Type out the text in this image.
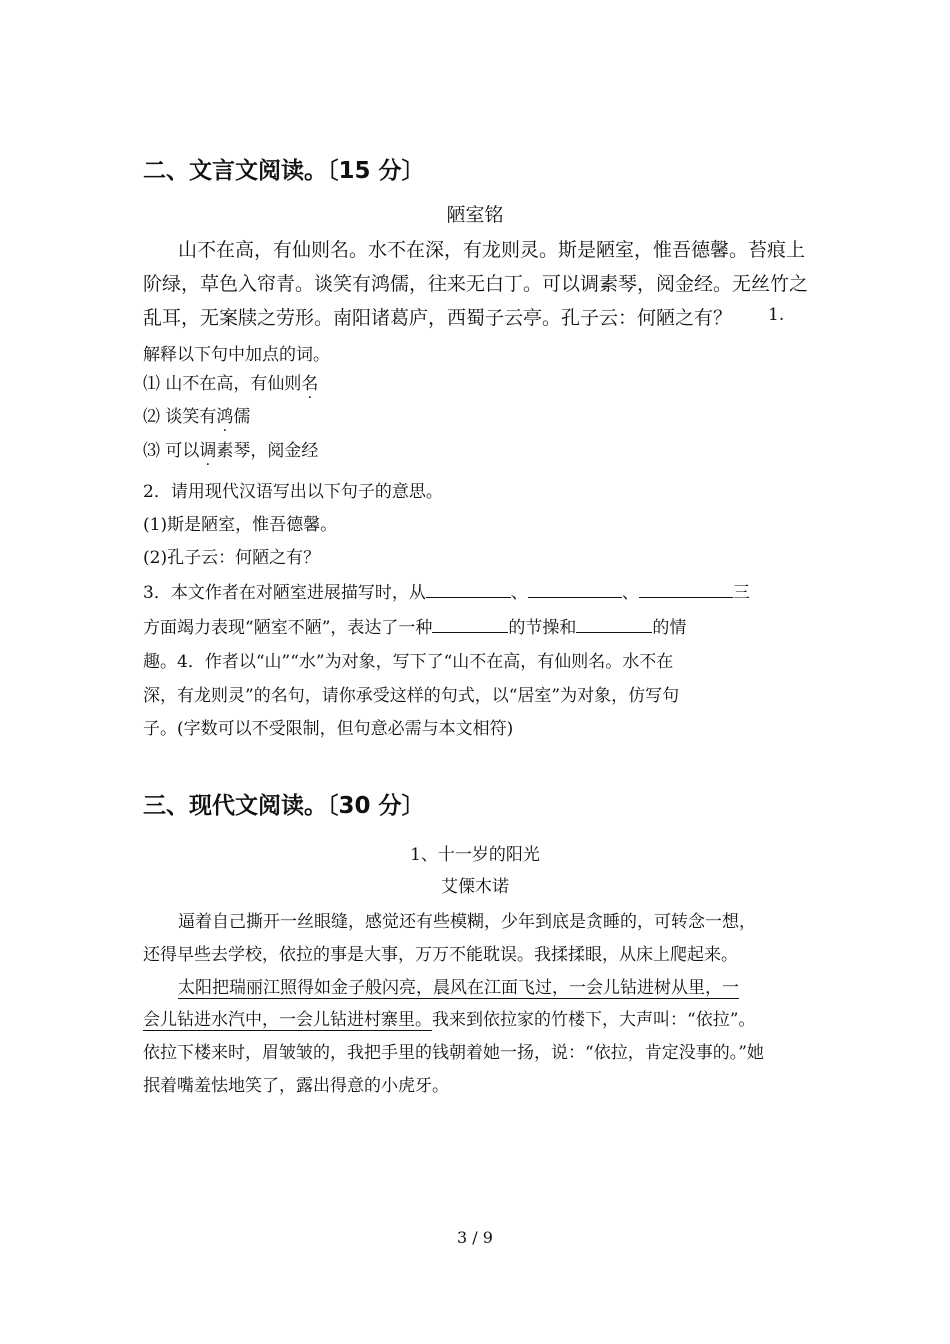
二、文言文阅读。〔15 分〕
陋室铭
山不在高，有仙则名。水不在深，有龙则灵。斯是陋室，惟吾德馨。苔痕上
阶绿，草色入帘青。谈笑有鸿儒，往来无白丁。可以调素琴，阅金经。无丝竹之
乱耳，无案牍之劳形。南阳诸葛庐，西蜀子云亭。孔子云：何陋之有？ 1.
解释以下句中加点的词。
⑴ 山不在高，有仙则名
⑵ 谈笑有鸿儒
⑶ 可以调素琴，阅金经
2．请用现代汉语写出以下句子的意思。
(1)斯是陋室，惟吾德馨。
(2)孔子云：何陋之有？
3．本文作者在对陋室进展描写时，从	、	、	三
方面竭力表现“陋室不陋”，表达了一种	的节操和	的情
趣。4．作者以“山”“水”为对象，写下了“山不在高，有仙则名。水不在
深，有龙则灵”的名句，请你承受这样的句式，以“居室”为对象，仿写句
子。(字数可以不受限制，但句意必需与本文相符)
三、现代文阅读。〔30 分〕
1、十一岁的阳光
艾傈木诺
逼着自己撕开一丝眼缝，感觉还有些模糊，少年到底是贪睡的，可转念一想，
还得早些去学校，依拉的事是大事，万万不能耽误。我揉揉眼，从床上爬起来。
太阳把瑞丽江照得如金子般闪亮，晨风在江面飞过，一会儿钻进树从里，一
会儿钻进水汽中，一会儿钻进村寨里。我来到依拉家的竹楼下，大声叫：“依拉”。
依拉下楼来时，眉皱皱的，我把手里的钱朝着她一扬，说：“依拉，肯定没事的。”她
抿着嘴羞怯地笑了，露出得意的小虎牙。
3 / 9
